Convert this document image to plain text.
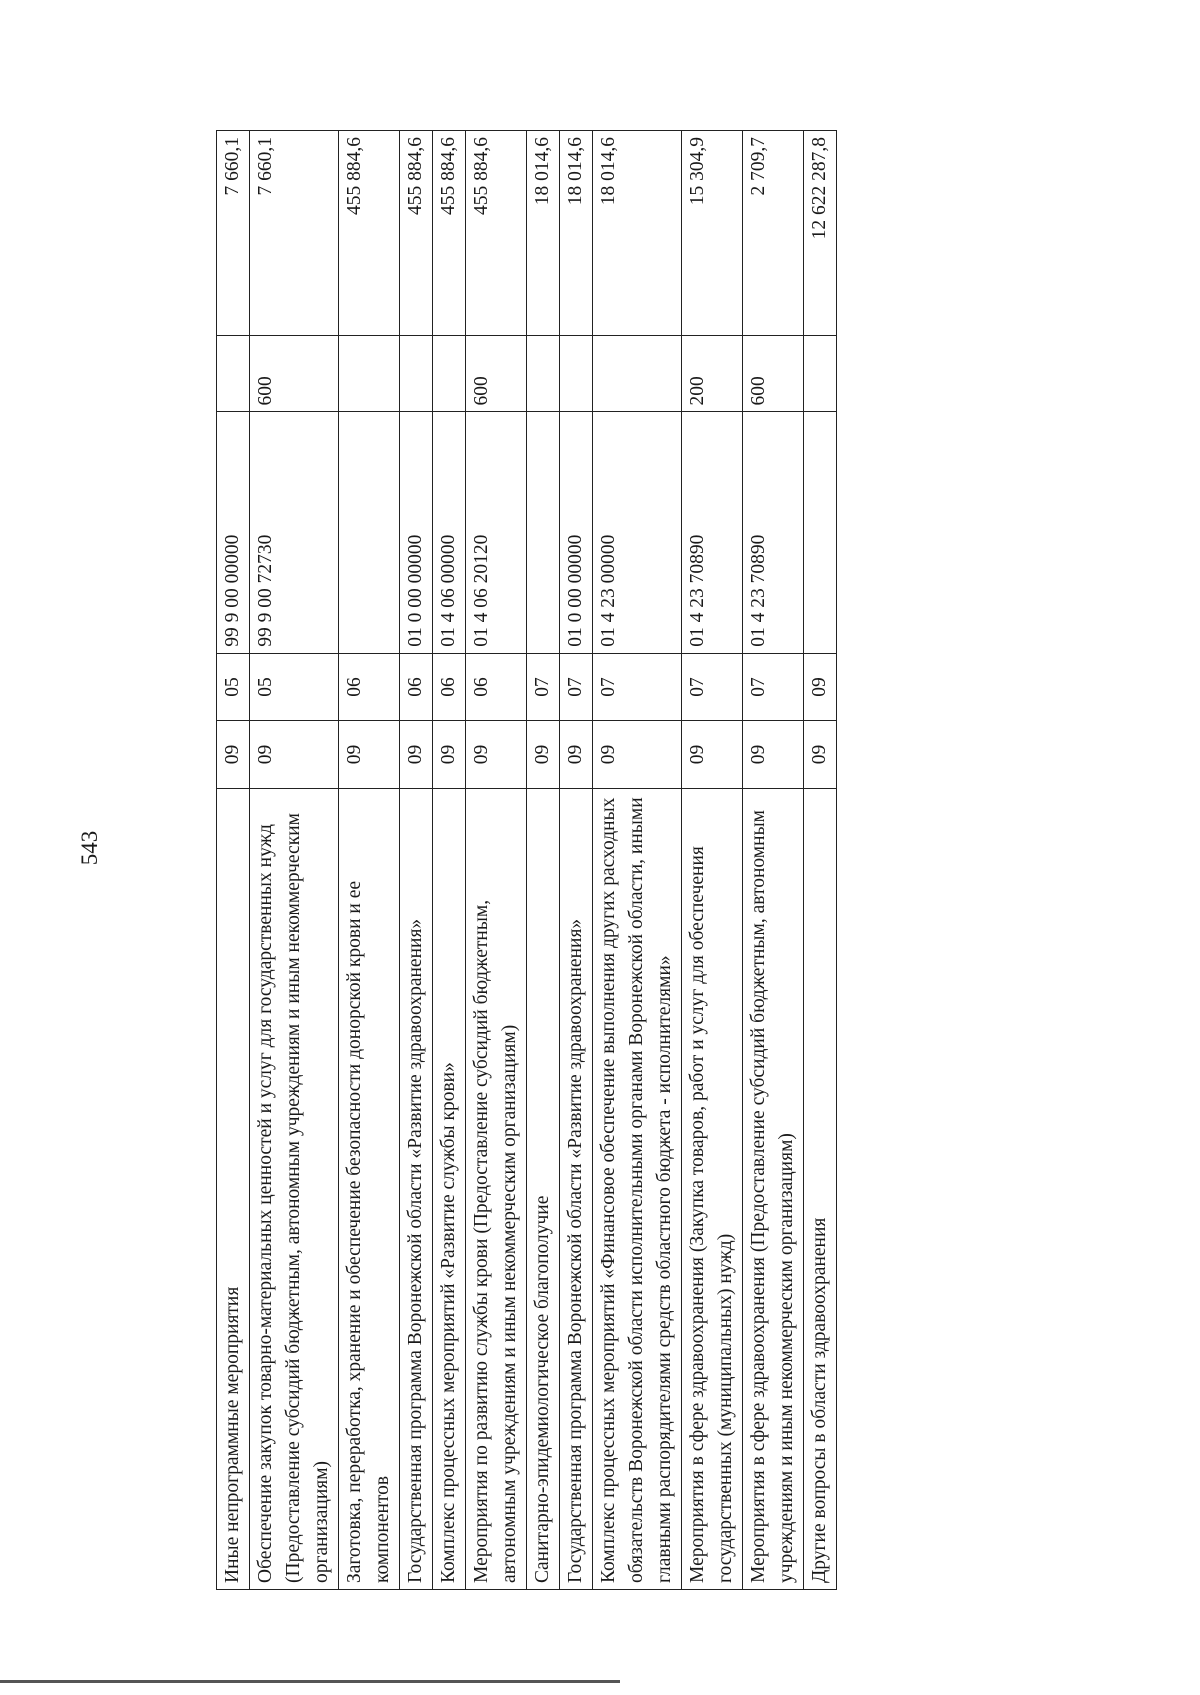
543
Иные непрограммные мероприятия	09	05	99 9 00 00000		7 660,1
Обеспечение закупок товарно-материальных ценностей и услуг для государственных нужд (Предоставление субсидий бюджетным, автономным учреждениям и иным некоммерческим организациям)	09	05	99 9 00 72730	600	7 660,1
Заготовка, переработка, хранение и обеспечение безопасности донорской крови и ее компонентов	09	06			455 884,6
Государственная программа Воронежской области «Развитие здравоохранения»	09	06	01 0 00 00000		455 884,6
Комплекс процессных мероприятий «Развитие службы крови»	09	06	01 4 06 00000		455 884,6
Мероприятия по развитию службы крови (Предоставление субсидий бюджетным, автономным учреждениям и иным некоммерческим организациям)	09	06	01 4 06 20120	600	455 884,6
Санитарно-эпидемиологическое благополучие	09	07			18 014,6
Государственная программа Воронежской области «Развитие здравоохранения»	09	07	01 0 00 00000		18 014,6
Комплекс процессных мероприятий «Финансовое обеспечение выполнения других расходных обязательств Воронежской области исполнительными органами Воронежской области, иными главными распорядителями средств областного бюджета - исполнителями»	09	07	01 4 23 00000		18 014,6
Мероприятия в сфере здравоохранения (Закупка товаров, работ и услуг для обеспечения государственных (муниципальных) нужд)	09	07	01 4 23 70890	200	15 304,9
Мероприятия в сфере здравоохранения (Предоставление субсидий бюджетным, автономным учреждениям и иным некоммерческим организациям)	09	07	01 4 23 70890	600	2 709,7
Другие вопросы в области здравоохранения	09	09			12 622 287,8
